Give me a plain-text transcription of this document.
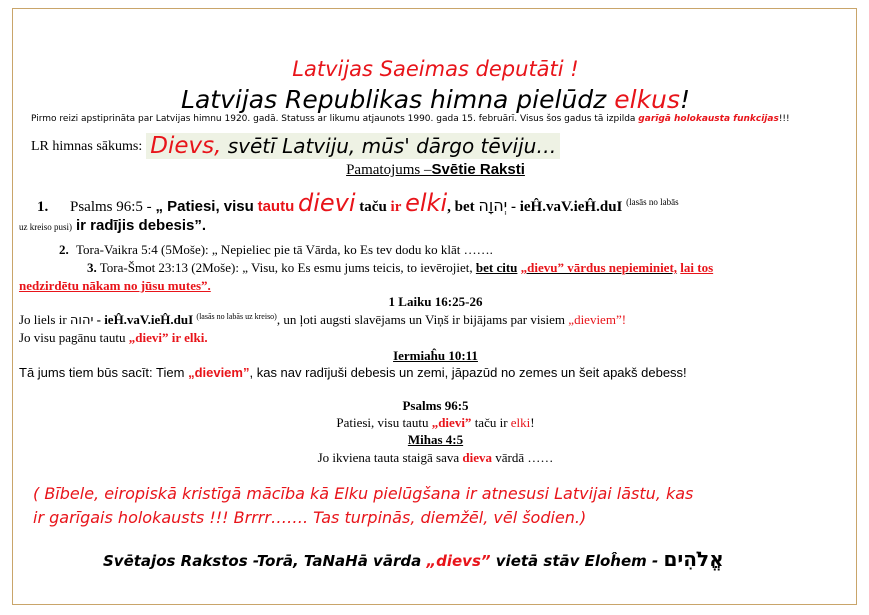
Latvijas Saeimas deputāti !
Latvijas Republikas himna pielūdz elkus!
Pirmo reizi apstiprināta par Latvijas himnu 1920. gadā. Statuss ar likumu atjaunots 1990. gada 15. februārī. Visus šos gadus tā izpilda garīgā holokausta funkcijas!!!
LR himnas sākums: Dievs, svētī Latviju, mūs' dārgo tēviju…
Pamatojums –Svētie Raksti
1. Psalms 96:5 - „ Patiesi, visu tautu dievi taču ir elki, bet יְהוָה - ieĤ.vaV.ieĤ.duI $^{(lasās no labās}$
uz kreiso pusi) ir radījis debesis”.
2. Tora-Vaikra 5:4 (5Moše): „ Nepieliec pie tā Vārda, ko Es tev dodu ko klāt …….
3. Tora-Šmot 23:13 (2Moše): „ Visu, ko Es esmu jums teicis, to ievērojiet, bet citu „dievu” vārdus nepieminiet, lai tos
nedzirdētu nākam no jūsu mutes”.
1 Laiku 16:25-26
Jo liels ir יהוה - ieĤ.vaV.ieĤ.duI $^{(lasās no labās uz kreiso)}$, un ļoti augsti slavējams un Viņš ir bijājams par visiem „dieviem”!
Jo visu pagānu tautu „dievi” ir elki.
Iermiaĥu 10:11
Tā jums tiem būs sacīt: Tiem „dieviem”, kas nav radījuši debesis un zemi, jāpazūd no zemes un šeit apakš debess!
Psalms 96:5
Patiesi, visu tautu „dievi” taču ir elki!
Mihas 4:5
Jo ikviena tauta staigā sava dieva vārdā ……
( Bībele, eiropiskā kristīgā mācība kā Elku pielūgšana ir atnesusi Latvijai lāstu, kas
ir garīgais holokausts !!! Brrrr……. Tas turpinās, diemžēl, vēl šodien.)
Svētajos Rakstos -Torā, TaNaHā vārda „dievs” vietā stāv Eloĥem - אֱלֹהִים
